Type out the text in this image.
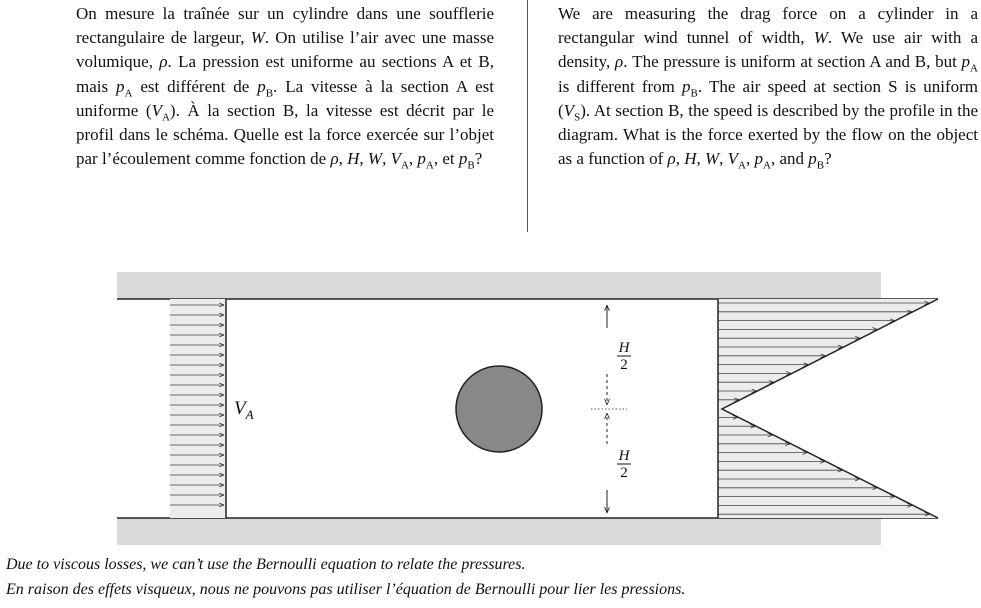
On mesure la traînée sur un cylindre dans une soufflerie rectangulaire de largeur, W. On utilise l’air avec une masse volumique, ρ. La pression est uniforme au sections A et B, mais $p_A$ est différent de $p_B$. La vitesse à la section A est uniforme $(V_A)$. À la section B, la vitesse est décrit par le profil dans le schéma. Quelle est la force exercée sur l’objet par l’écoulement comme fonction de ρ, H, W, $V_A$, $p_A$, et $p_B$?

We are measuring the drag force on a cylinder in a rectangular wind tunnel of width, W. We use air with a density, ρ. The pressure is uniform at section A and B, but $p_A$ is different from $p_B$. The air speed at section S is uniform $(V_S)$. At section B, the speed is described by the profile in the diagram. What is the force exerted by the flow on the object as a function of ρ, H, W, $V_A$, $p_A$, and $p_B$?

$V_A$
H
2
H
2
Due to viscous losses, we can’t use the Bernoulli equation to relate the pressures.
En raison des effets visqueux, nous ne pouvons pas utiliser l’équation de Bernoulli pour lier les pressions.
